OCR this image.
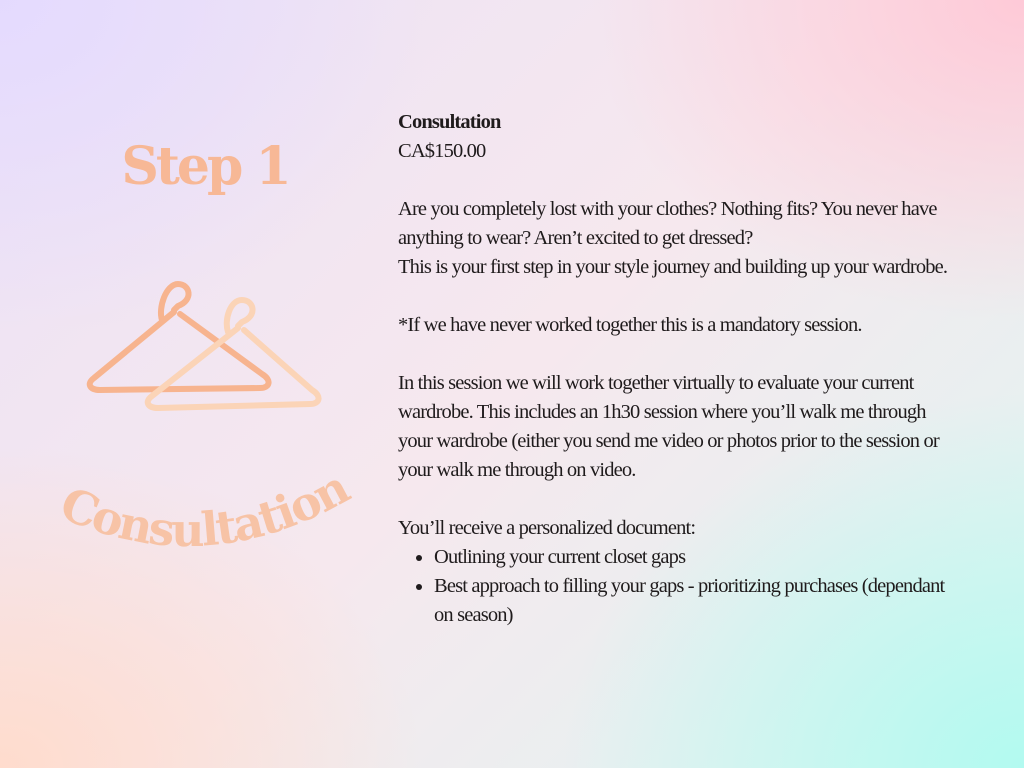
Step 1
Consultation

Consultation

CA$150.00

Are you completely lost with your clothes? Nothing fits? You never have anything to wear? Aren’t excited to get dressed?

This is your first step in your style journey and building up your wardrobe.

*If we have never worked together this is a mandatory session.

In this session we will work together virtually to evaluate your current wardrobe. This includes an 1h30 session where you’ll walk me through your wardrobe (either you send me video or photos prior to the session or your walk me through on video.

You’ll receive a personalized document:

• Outlining your current closet gaps
• Best approach to filling your gaps - prioritizing purchases (dependant on season)
